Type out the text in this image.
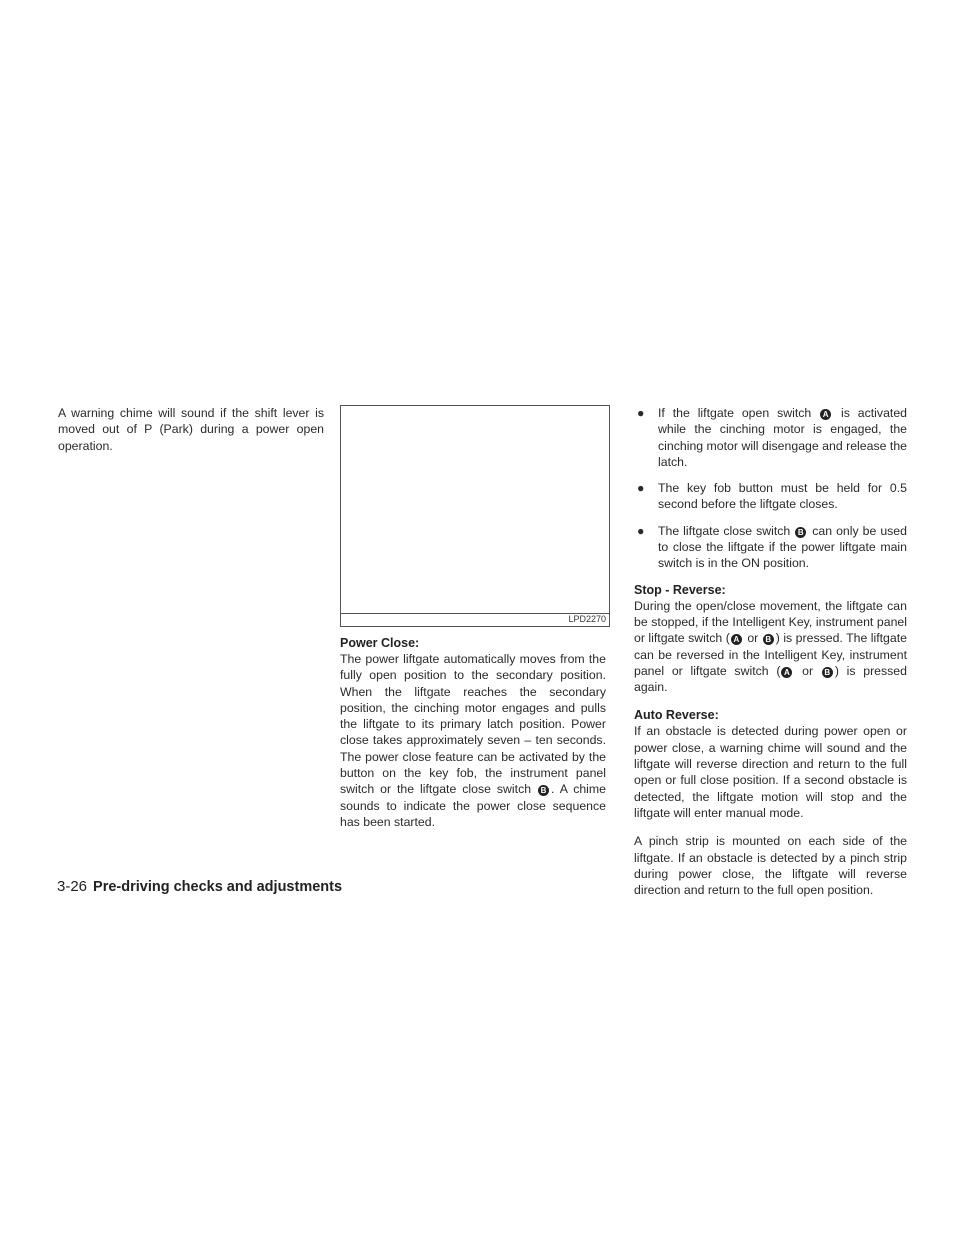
A warning chime will sound if the shift lever is moved out of P (Park) during a power open operation.

LPD2270
Power Close:

The power liftgate automatically moves from the fully open position to the secondary position. When the liftgate reaches the secondary position, the cinching motor engages and pulls the liftgate to its primary latch position. Power close takes approximately seven – ten seconds. The power close feature can be activated by the button on the key fob, the instrument panel switch or the liftgate close switch B . A chime sounds to indicate the power close sequence has been started.

● If the liftgate open switch A is activated while the cinching motor is engaged, the cinching motor will disengage and release the latch.
● The key fob button must be held for 0.5 second before the liftgate closes.
● The liftgate close switch B can only be used to close the liftgate if the power liftgate main switch is in the ON position.
Stop - Reverse:

During the open/close movement, the liftgate can be stopped, if the Intelligent Key, instrument panel or liftgate switch ( A or B ) is pressed. The liftgate can be reversed in the Intelligent Key, instrument panel or liftgate switch ( A or B ) is pressed again.

Auto Reverse:

If an obstacle is detected during power open or power close, a warning chime will sound and the liftgate will reverse direction and return to the full open or full close position. If a second obstacle is detected, the liftgate motion will stop and the liftgate will enter manual mode.

A pinch strip is mounted on each side of the liftgate. If an obstacle is detected by a pinch strip during power close, the liftgate will reverse direction and return to the full open position.

3-26 Pre-driving checks and adjustments
